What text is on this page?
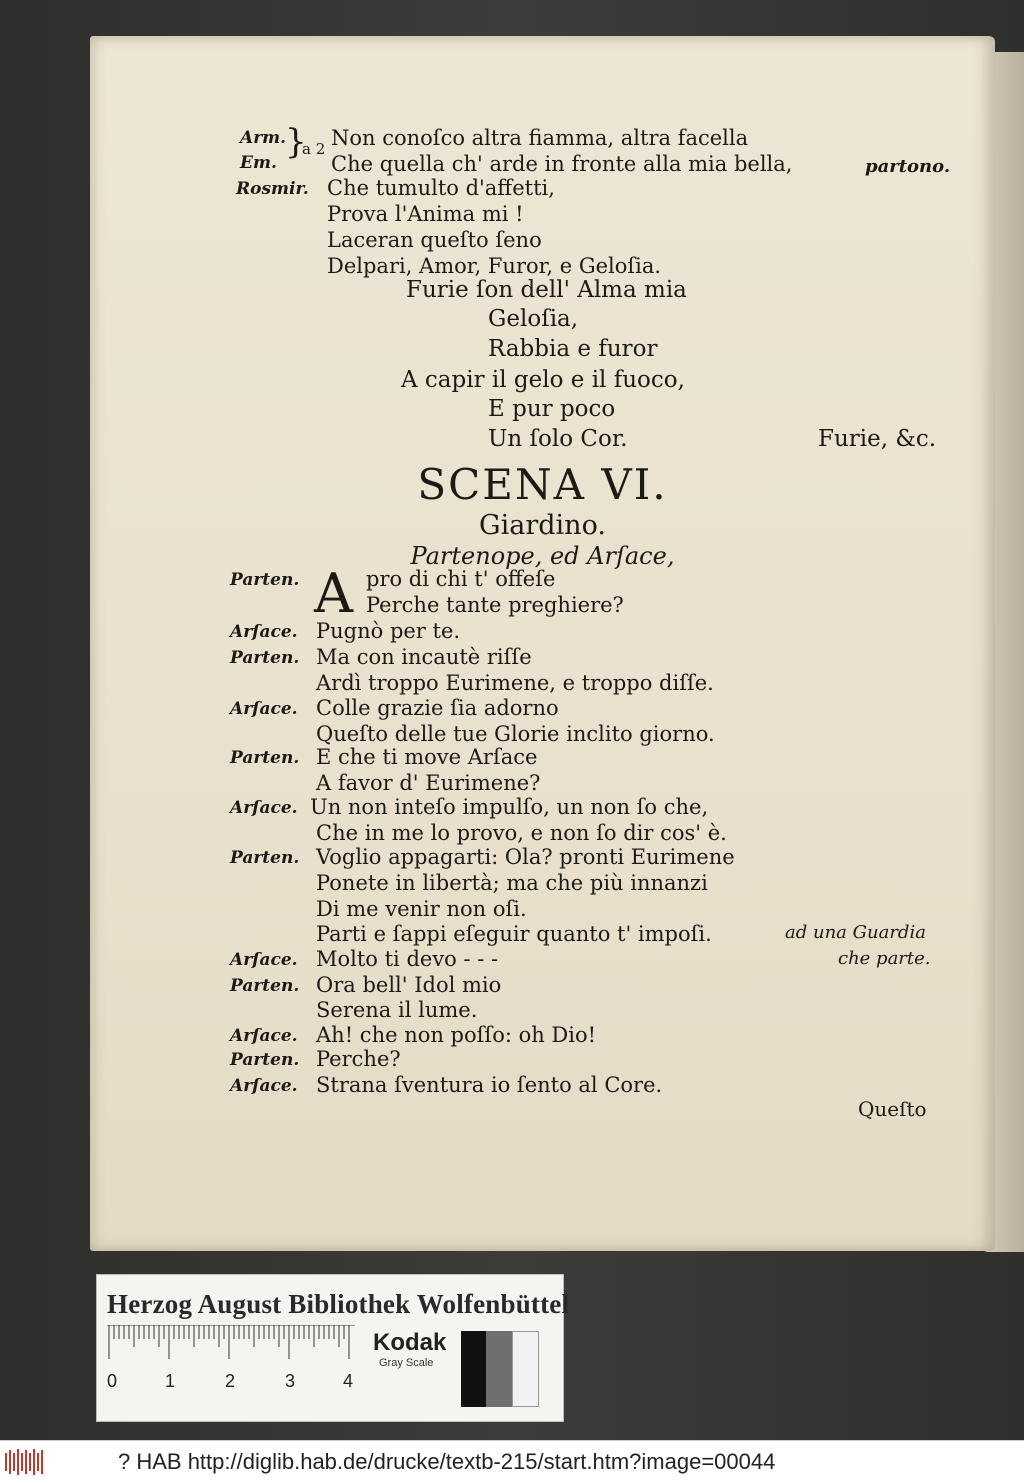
Arm.
Em.
}
a 2 Non conoſco altra fiamma, altra facella
Che quella ch' arde in fronte alla mia bella,	partono.
Rosmir. Che tumulto d'affetti,
Prova l'Anima mi !
Laceran queſto ſeno
Delpari, Amor, Furor, e Geloſia.
Furie ſon dell' Alma mia
Geloſia,
Rabbia e furor
A capir il gelo e il fuoco,
E pur poco
Un ſolo Cor.	Furie, &c.
SCENA VI.
Giardino.
Partenope, ed Arſace,
Parten. A pro di chi t' offeſe
Perche tante preghiere?
Arſace. Pugnò per te.
Parten. Ma con incautè riſſe
Ardì troppo Eurimene, e troppo diſſe.
Arſace. Colle grazie ſia adorno
Queſto delle tue Glorie inclito giorno.
Parten. E che ti move Arſace
A favor d' Eurimene?
Arſace. Un non inteſo impulſo, un non ſo che,
Che in me lo provo, e non ſo dir cos' è.
Parten. Voglio appagarti: Ola? pronti Eurimene
Ponete in libertà; ma che più innanzi
Di me venir non oſi.
Parti e ſappi eſeguir quanto t' impoſi.	ad una Guardia
Arſace. Molto ti devo - - -	che parte.
Parten. Ora bell' Idol mio
Serena il lume.
Arſace. Ah! che non poſſo: oh Dio!
Parten. Perche?
Arſace. Strana ſventura io ſento al Core.
Queſto
Herzog August Bibliothek Wolfenbüttel
0	1	2	3	4
Kodak
Gray Scale
? HAB http://diglib.hab.de/drucke/textb-215/start.htm?image=00044
